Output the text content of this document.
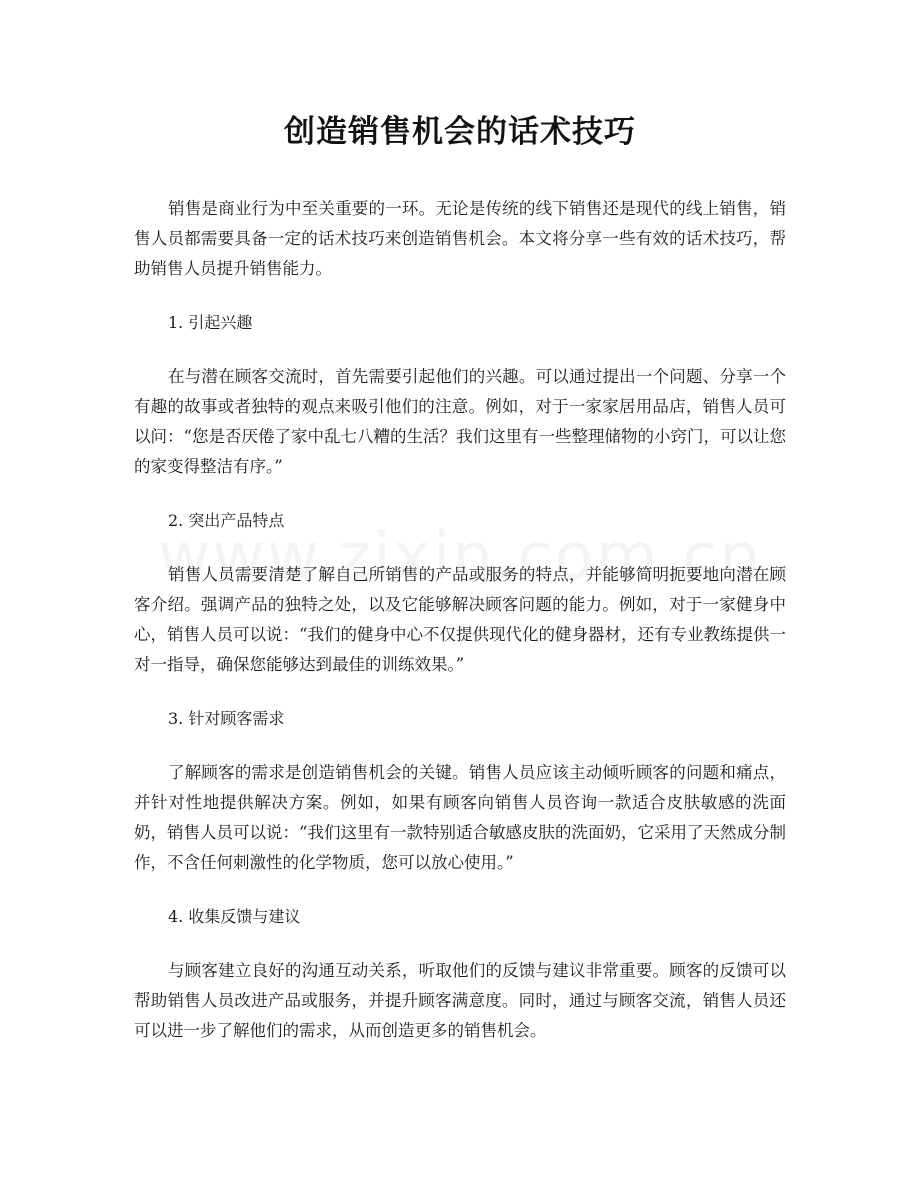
创造销售机会的话术技巧

销售是商业行为中至关重要的一环。无论是传统的线下销售还是现代的线上销售，销售人员都需要具备一定的话术技巧来创造销售机会。本文将分享一些有效的话术技巧，帮助销售人员提升销售能力。

1. 引起兴趣

在与潜在顾客交流时，首先需要引起他们的兴趣。可以通过提出一个问题、分享一个有趣的故事或者独特的观点来吸引他们的注意。例如，对于一家家居用品店，销售人员可以问：“您是否厌倦了家中乱七八糟的生活？我们这里有一些整理储物的小窍门，可以让您的家变得整洁有序。”

2. 突出产品特点

销售人员需要清楚了解自己所销售的产品或服务的特点，并能够简明扼要地向潜在顾客介绍。强调产品的独特之处，以及它能够解决顾客问题的能力。例如，对于一家健身中心，销售人员可以说：“我们的健身中心不仅提供现代化的健身器材，还有专业教练提供一对一指导，确保您能够达到最佳的训练效果。”

3. 针对顾客需求

了解顾客的需求是创造销售机会的关键。销售人员应该主动倾听顾客的问题和痛点，并针对性地提供解决方案。例如，如果有顾客向销售人员咨询一款适合皮肤敏感的洗面奶，销售人员可以说：“我们这里有一款特别适合敏感皮肤的洗面奶，它采用了天然成分制作，不含任何刺激性的化学物质，您可以放心使用。”

4. 收集反馈与建议

与顾客建立良好的沟通互动关系，听取他们的反馈与建议非常重要。顾客的反馈可以帮助销售人员改进产品或服务，并提升顾客满意度。同时，通过与顾客交流，销售人员还可以进一步了解他们的需求，从而创造更多的销售机会。
